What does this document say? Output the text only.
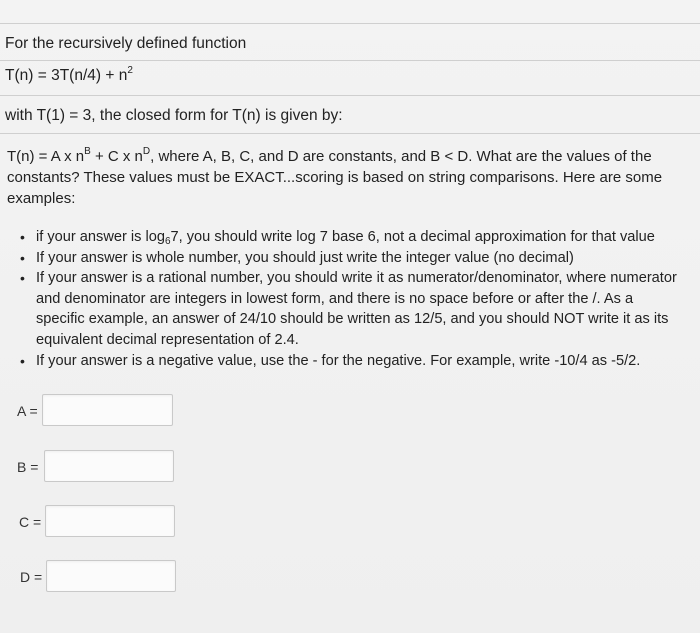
For the recursively defined function
$T(n) = 3T(n/4) + n^2$
with T(1) = 3, the closed form for T(n) is given by:
T(n) = A x $n^B + C$ x $n^D$, where A, B, C, and D are constants, and B < D. What are the values of the constants? These values must be EXACT...scoring is based on string comparisons. Here are some examples:
• if your answer is $\log_67$, you should write log 7 base 6, not a decimal approximation for that value
• If your answer is whole number, you should just write the integer value (no decimal)
• If your answer is a rational number, you should write it as numerator/denominator, where numerator and denominator are integers in lowest form, and there is no space before or after the /. As a specific example, an answer of 24/10 should be written as 12/5, and you should NOT write it as its equivalent decimal representation of 2.4.
• If your answer is a negative value, use the - for the negative. For example, write -10/4 as -5/2.
A =
B =
C =
D =
